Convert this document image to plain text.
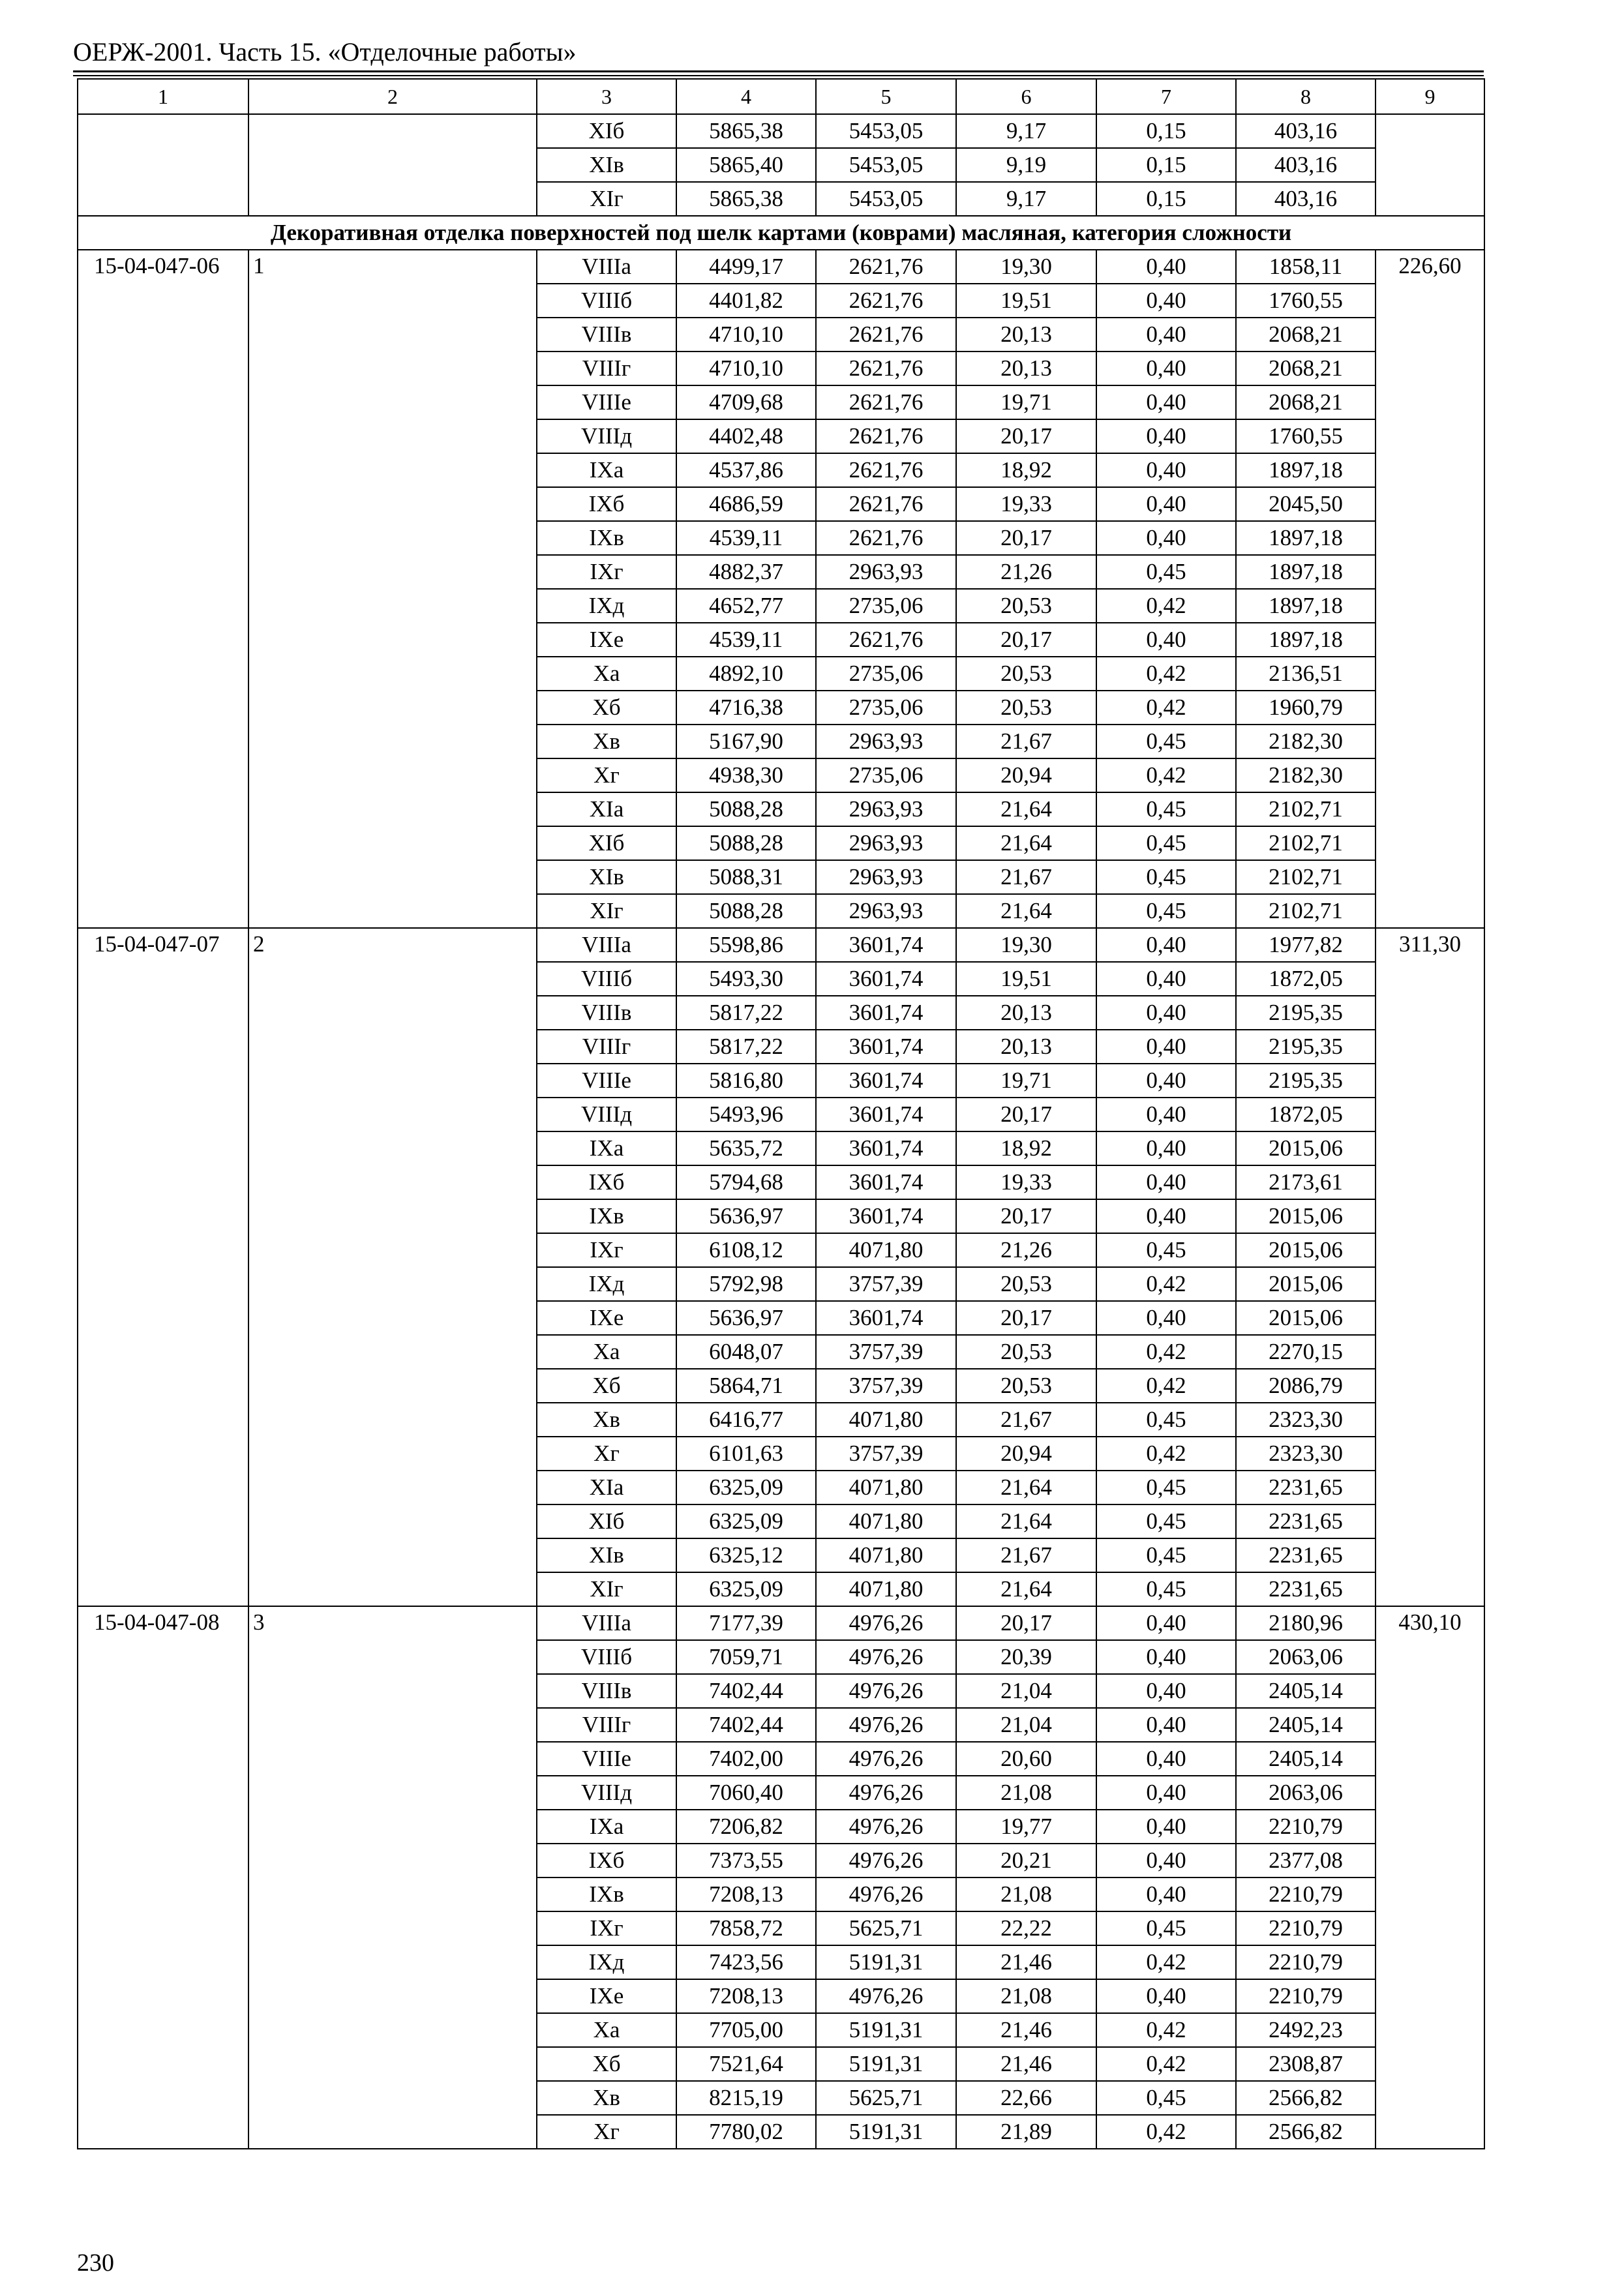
ОЕРЖ-2001. Часть 15. «Отделочные работы»
1	2	3	4	5	6	7	8	9
		XIб	5865,38	5453,05	9,17	0,15	403,16	
		XIв	5865,40	5453,05	9,19	0,15	403,16	
		XIг	5865,38	5453,05	9,17	0,15	403,16	
Декоративная отделка поверхностей под шелк картами (коврами) масляная, категория сложности								
15-04-047-06	1	VIIIа	4499,17	2621,76	19,30	0,40	1858,11	226,60
		VIIIб	4401,82	2621,76	19,51	0,40	1760,55	
		VIIIв	4710,10	2621,76	20,13	0,40	2068,21	
		VIIIг	4710,10	2621,76	20,13	0,40	2068,21	
		VIIIе	4709,68	2621,76	19,71	0,40	2068,21	
		VIIIд	4402,48	2621,76	20,17	0,40	1760,55	
		IXа	4537,86	2621,76	18,92	0,40	1897,18	
		IXб	4686,59	2621,76	19,33	0,40	2045,50	
		IXв	4539,11	2621,76	20,17	0,40	1897,18	
		IXг	4882,37	2963,93	21,26	0,45	1897,18	
		IXд	4652,77	2735,06	20,53	0,42	1897,18	
		IXе	4539,11	2621,76	20,17	0,40	1897,18	
		Xа	4892,10	2735,06	20,53	0,42	2136,51	
		Xб	4716,38	2735,06	20,53	0,42	1960,79	
		Xв	5167,90	2963,93	21,67	0,45	2182,30	
		Xг	4938,30	2735,06	20,94	0,42	2182,30	
		XIа	5088,28	2963,93	21,64	0,45	2102,71	
		XIб	5088,28	2963,93	21,64	0,45	2102,71	
		XIв	5088,31	2963,93	21,67	0,45	2102,71	
		XIг	5088,28	2963,93	21,64	0,45	2102,71	
15-04-047-07	2	VIIIа	5598,86	3601,74	19,30	0,40	1977,82	311,30
		VIIIб	5493,30	3601,74	19,51	0,40	1872,05	
		VIIIв	5817,22	3601,74	20,13	0,40	2195,35	
		VIIIг	5817,22	3601,74	20,13	0,40	2195,35	
		VIIIе	5816,80	3601,74	19,71	0,40	2195,35	
		VIIIд	5493,96	3601,74	20,17	0,40	1872,05	
		IXа	5635,72	3601,74	18,92	0,40	2015,06	
		IXб	5794,68	3601,74	19,33	0,40	2173,61	
		IXв	5636,97	3601,74	20,17	0,40	2015,06	
		IXг	6108,12	4071,80	21,26	0,45	2015,06	
		IXд	5792,98	3757,39	20,53	0,42	2015,06	
		IXе	5636,97	3601,74	20,17	0,40	2015,06	
		Xа	6048,07	3757,39	20,53	0,42	2270,15	
		Xб	5864,71	3757,39	20,53	0,42	2086,79	
		Xв	6416,77	4071,80	21,67	0,45	2323,30	
		Xг	6101,63	3757,39	20,94	0,42	2323,30	
		XIа	6325,09	4071,80	21,64	0,45	2231,65	
		XIб	6325,09	4071,80	21,64	0,45	2231,65	
		XIв	6325,12	4071,80	21,67	0,45	2231,65	
		XIг	6325,09	4071,80	21,64	0,45	2231,65	
15-04-047-08	3	VIIIа	7177,39	4976,26	20,17	0,40	2180,96	430,10
		VIIIб	7059,71	4976,26	20,39	0,40	2063,06	
		VIIIв	7402,44	4976,26	21,04	0,40	2405,14	
		VIIIг	7402,44	4976,26	21,04	0,40	2405,14	
		VIIIе	7402,00	4976,26	20,60	0,40	2405,14	
		VIIIд	7060,40	4976,26	21,08	0,40	2063,06	
		IXа	7206,82	4976,26	19,77	0,40	2210,79	
		IXб	7373,55	4976,26	20,21	0,40	2377,08	
		IXв	7208,13	4976,26	21,08	0,40	2210,79	
		IXг	7858,72	5625,71	22,22	0,45	2210,79	
		IXд	7423,56	5191,31	21,46	0,42	2210,79	
		IXе	7208,13	4976,26	21,08	0,40	2210,79	
		Xа	7705,00	5191,31	21,46	0,42	2492,23	
		Xб	7521,64	5191,31	21,46	0,42	2308,87	
		Xв	8215,19	5625,71	22,66	0,45	2566,82	
		Xг	7780,02	5191,31	21,89	0,42	2566,82	
230
